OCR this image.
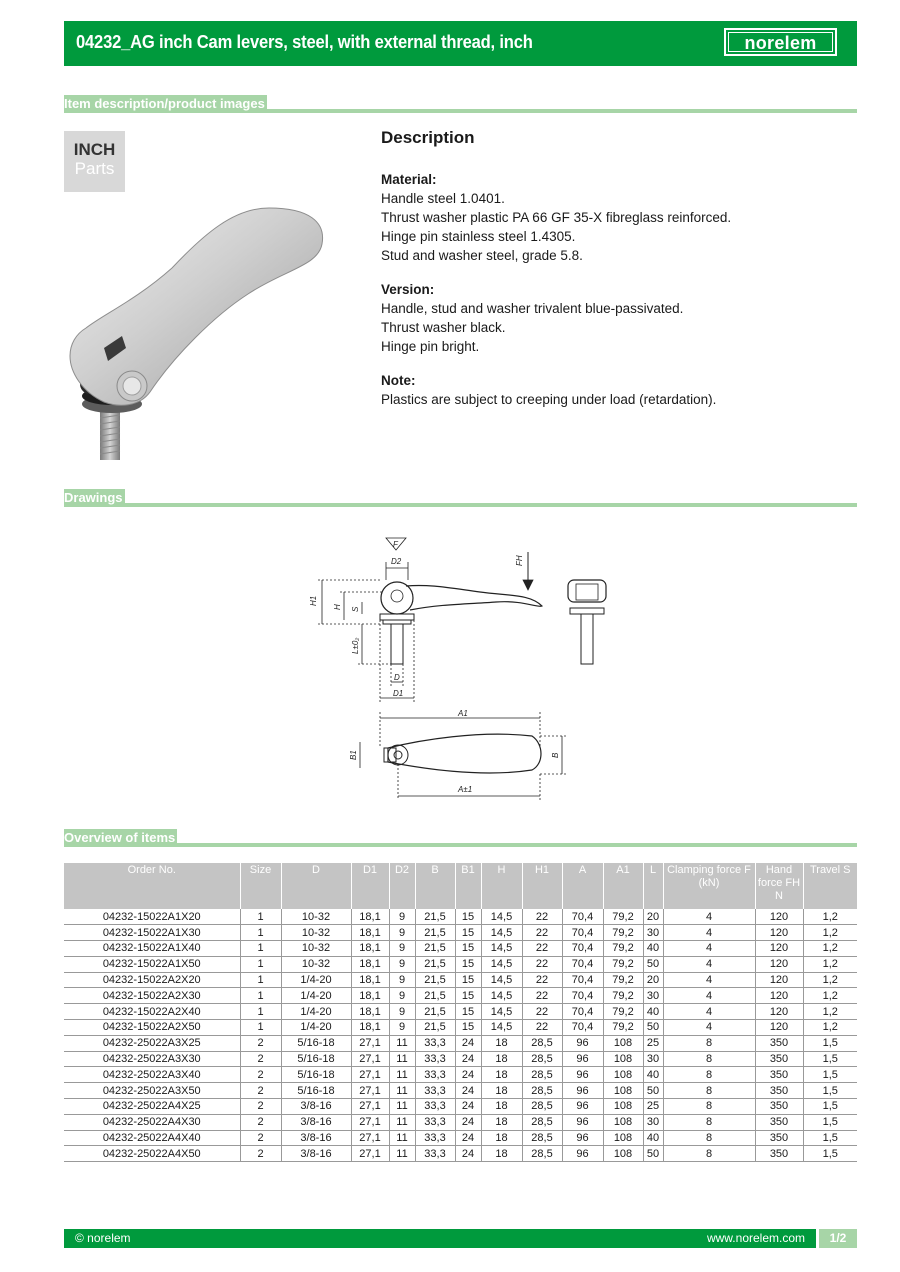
04232_AG inch Cam levers, steel, with external thread, inch	norelem
Item description/product images
INCH
Parts
Description
Material:
Handle steel 1.0401.
Thrust washer plastic PA 66 GF 35-X fibreglass reinforced.
Hinge pin stainless steel 1.4305.
Stud and washer steel, grade 5.8.
Version:
Handle, stud and washer trivalent blue-passivated.
Thrust washer black.
Hinge pin bright.
Note:
Plastics are subject to creeping under load (retardation).
Drawings
F
D2	FH
H1
H S
L±0₂
D
D1
A1
B1	B
A±1
Overview of items
Order No.	Size	D	D1	D2	B	B1	H	H1	A	A1	L	Clamping force F (kN)	Hand force FH N	Travel S
04232-15022A1X20	1	10-32	18,1	9	21,5	15	14,5	22	70,4	79,2	20	4	120	1,2
04232-15022A1X30	1	10-32	18,1	9	21,5	15	14,5	22	70,4	79,2	30	4	120	1,2
04232-15022A1X40	1	10-32	18,1	9	21,5	15	14,5	22	70,4	79,2	40	4	120	1,2
04232-15022A1X50	1	10-32	18,1	9	21,5	15	14,5	22	70,4	79,2	50	4	120	1,2
04232-15022A2X20	1	1/4-20	18,1	9	21,5	15	14,5	22	70,4	79,2	20	4	120	1,2
04232-15022A2X30	1	1/4-20	18,1	9	21,5	15	14,5	22	70,4	79,2	30	4	120	1,2
04232-15022A2X40	1	1/4-20	18,1	9	21,5	15	14,5	22	70,4	79,2	40	4	120	1,2
04232-15022A2X50	1	1/4-20	18,1	9	21,5	15	14,5	22	70,4	79,2	50	4	120	1,2
04232-25022A3X25	2	5/16-18	27,1	11	33,3	24	18	28,5	96	108	25	8	350	1,5
04232-25022A3X30	2	5/16-18	27,1	11	33,3	24	18	28,5	96	108	30	8	350	1,5
04232-25022A3X40	2	5/16-18	27,1	11	33,3	24	18	28,5	96	108	40	8	350	1,5
04232-25022A3X50	2	5/16-18	27,1	11	33,3	24	18	28,5	96	108	50	8	350	1,5
04232-25022A4X25	2	3/8-16	27,1	11	33,3	24	18	28,5	96	108	25	8	350	1,5
04232-25022A4X30	2	3/8-16	27,1	11	33,3	24	18	28,5	96	108	30	8	350	1,5
04232-25022A4X40	2	3/8-16	27,1	11	33,3	24	18	28,5	96	108	40	8	350	1,5
04232-25022A4X50	2	3/8-16	27,1	11	33,3	24	18	28,5	96	108	50	8	350	1,5
© norelem	www.norelem.com	1/2
